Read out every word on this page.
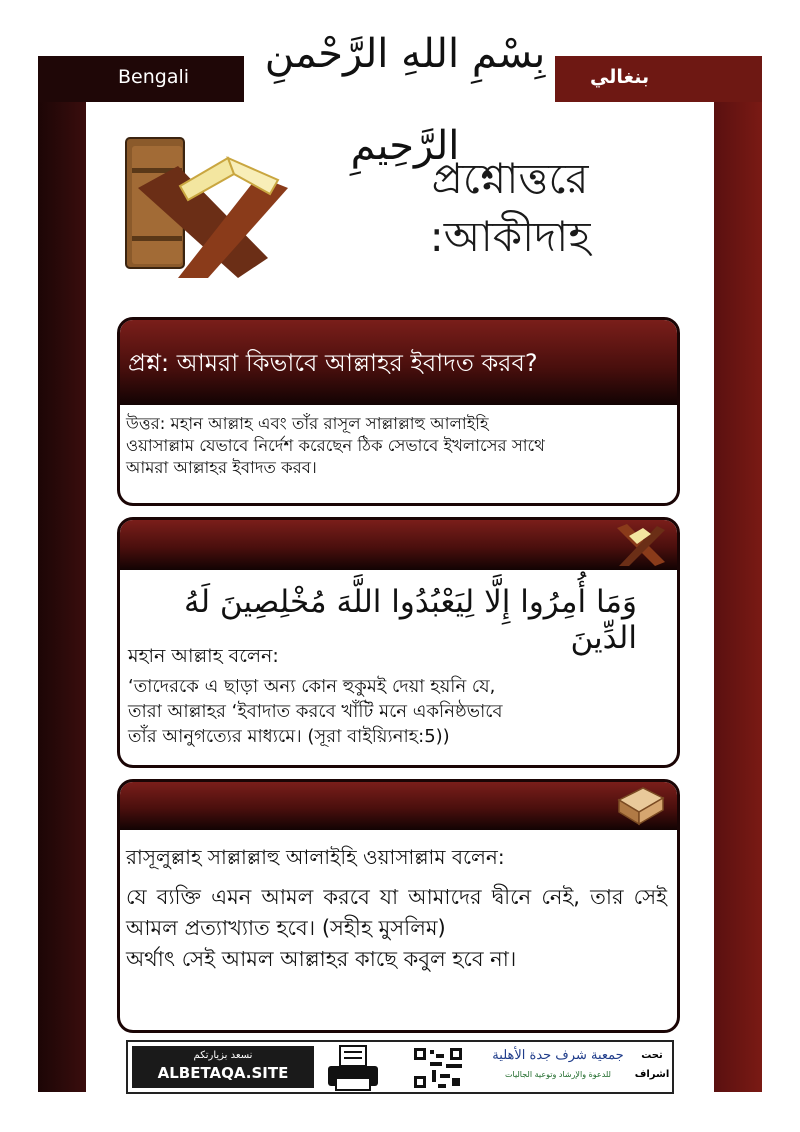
Bengali	بنغالي
بِسْمِ اللهِ الرَّحْمنِ الرَّحِيمِ
প্রশ্নোত্তরে
:আকীদাহ
প্রশ্ন: আমরা কিভাবে আল্লাহর ইবাদত করব?
উত্তর: মহান আল্লাহ এবং তাঁর রাসূল সাল্লাল্লাহু আলাইহি
ওয়াসাল্লাম যেভাবে নির্দেশ করেছেন ঠিক সেভাবে ইখলাসের সাথে
আমরা আল্লাহর ইবাদত করব।
وَمَا أُمِرُوا إِلَّا لِيَعْبُدُوا اللَّهَ مُخْلِصِينَ لَهُ الدِّينَ
মহান আল্লাহ বলেন:
‘তাদেরকে এ ছাড়া অন্য কোন হুকুমই দেয়া হয়নি যে,
তারা আল্লাহর ‘ইবাদাত করবে খাঁটি মনে একনিষ্ঠভাবে
তাঁর আনুগত্যের মাধ্যমে। (সূরা বাইয়্যিনাহ:5))
রাসূলুল্লাহ সাল্লাল্লাহু আলাইহি ওয়াসাল্লাম বলেন:
যে ব্যক্তি এমন আমল করবে যা আমাদের দ্বীনে নেই, তার সেই আমল প্রত্যাখ্যাত হবে। (সহীহ মুসলিম)
অর্থাৎ সেই আমল আল্লাহর কাছে কবুল হবে না।
نسعد بزيارتكم
ALBETAQA.SITE
جمعية شرف جدة الأهلية
للدعوة والإرشاد وتوعية الجاليات
تحت
اشراف
